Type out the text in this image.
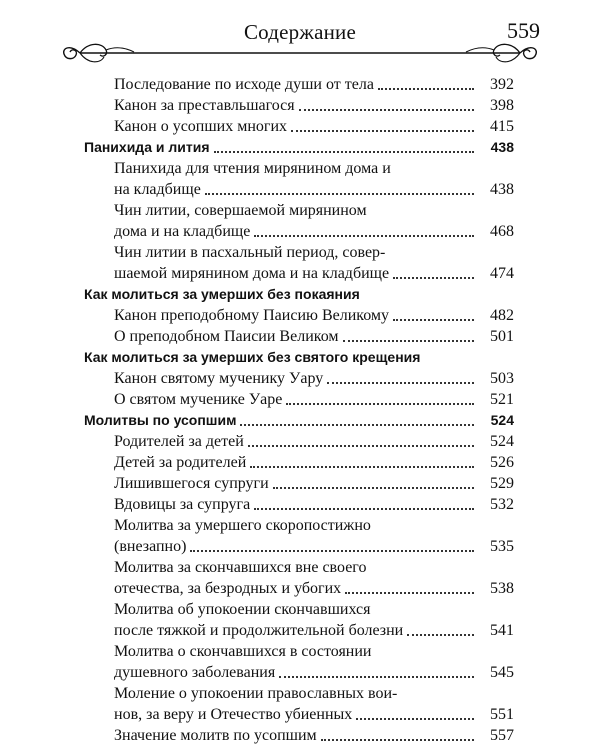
Содержание	559
Последование по исходе души от тела	392
Канон за преставльшагося	398
Канон о усопших многих	415
Панихида и лития	438
Панихида для чтения мирянином дома и
на кладбище	438
Чин литии, совершаемой мирянином
дома и на кладбище	468
Чин литии в пасхальный период, совер-
шаемой мирянином дома и на кладбище	474
Как молиться за умерших без покаяния
Канон преподобному Паисию Великому	482
О преподобном Паисии Великом	501
Как молиться за умерших без святого крещения
Канон святому мученику Уару	503
О святом мученике Уаре	521
Молитвы по усопшим	524
Родителей за детей	524
Детей за родителей	526
Лишившегося супруги	529
Вдовицы за супруга	532
Молитва за умершего скоропостижно
(внезапно)	535
Молитва за скончавшихся вне своего
отечества, за безродных и убогих	538
Молитва об упокоении скончавшихся
после тяжкой и продолжительной болезни	541
Молитва о скончавшихся в состоянии
душевного заболевания	545
Моление о упокоении православных вои-
нов, за веру и Отечество убиенных	551
Значение молитв по усопшим	557
